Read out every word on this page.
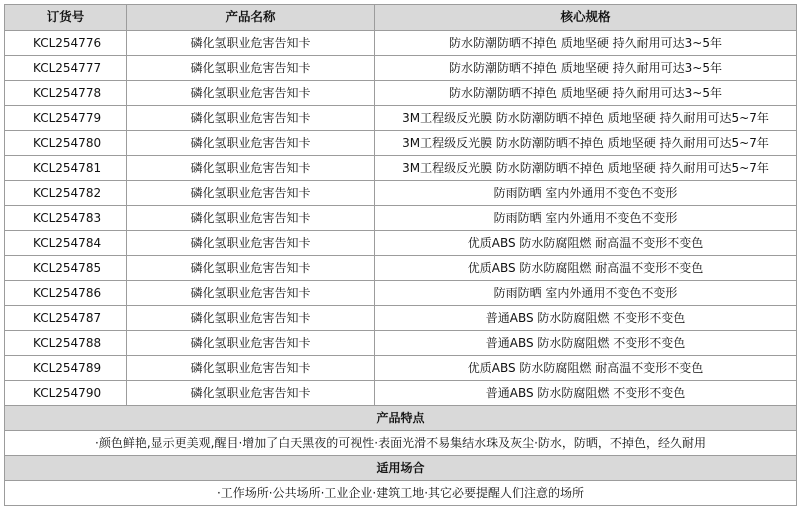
订货号	产品名称	核心规格
KCL254776	磷化氢职业危害告知卡	防水防潮防晒不掉色 质地坚硬 持久耐用可达3~5年
KCL254777	磷化氢职业危害告知卡	防水防潮防晒不掉色 质地坚硬 持久耐用可达3~5年
KCL254778	磷化氢职业危害告知卡	防水防潮防晒不掉色 质地坚硬 持久耐用可达3~5年
KCL254779	磷化氢职业危害告知卡	3M工程级反光膜 防水防潮防晒不掉色 质地坚硬 持久耐用可达5~7年
KCL254780	磷化氢职业危害告知卡	3M工程级反光膜 防水防潮防晒不掉色 质地坚硬 持久耐用可达5~7年
KCL254781	磷化氢职业危害告知卡	3M工程级反光膜 防水防潮防晒不掉色 质地坚硬 持久耐用可达5~7年
KCL254782	磷化氢职业危害告知卡	防雨防晒 室内外通用不变色不变形
KCL254783	磷化氢职业危害告知卡	防雨防晒 室内外通用不变色不变形
KCL254784	磷化氢职业危害告知卡	优质ABS 防水防腐阻燃 耐高温不变形不变色
KCL254785	磷化氢职业危害告知卡	优质ABS 防水防腐阻燃 耐高温不变形不变色
KCL254786	磷化氢职业危害告知卡	防雨防晒 室内外通用不变色不变形
KCL254787	磷化氢职业危害告知卡	普通ABS 防水防腐阻燃 不变形不变色
KCL254788	磷化氢职业危害告知卡	普通ABS 防水防腐阻燃 不变形不变色
KCL254789	磷化氢职业危害告知卡	优质ABS 防水防腐阻燃 耐高温不变形不变色
KCL254790	磷化氢职业危害告知卡	普通ABS 防水防腐阻燃 不变形不变色
产品特点		
·颜色鲜艳,显示更美观,醒目·增加了白天黑夜的可视性·表面光滑不易集结水珠及灰尘·防水，防晒，不掉色，经久耐用		
适用场合		
·工作场所·公共场所·工业企业·建筑工地·其它必要提醒人们注意的场所		
